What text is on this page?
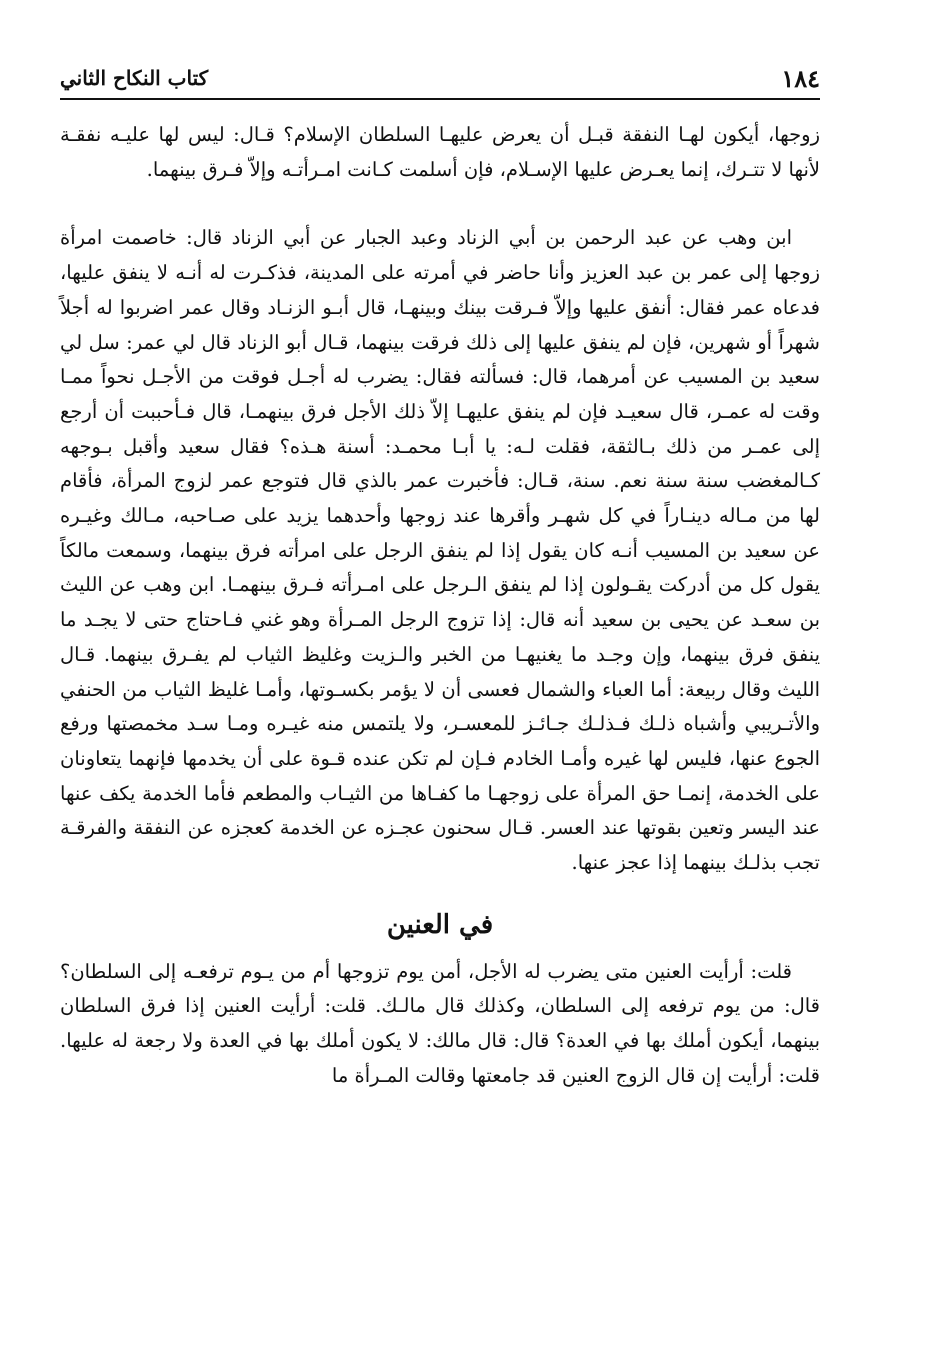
١٨٤
كتاب النكاح الثاني

زوجها، أيكون لهـا النفقة قبـل أن يعرض عليهـا السلطان الإسلام؟ قـال: ليس لها عليـه نفقـة لأنها لا تتـرك، إنما يعـرض عليها الإسـلام، فإن أسلمت كـانت امـرأتـه وإلاّ فـرق بينهما.

ابن وهب عن عبد الرحمن بن أبي الزناد وعبد الجبار عن أبي الزناد قال: خاصمت امرأة زوجها إلى عمر بن عبد العزيز وأنا حاضر في أمرته على المدينة، فذكـرت له أنـه لا ينفق عليها، فدعاه عمر فقال: أنفق عليها وإلاّ فـرقت بينك وبينهـا، قال أبـو الزنـاد وقال عمر اضربوا له أجلاً شهراً أو شهرين، فإن لم ينفق عليها إلى ذلك فرقت بينهما، قـال أبو الزناد قال لي عمر: سل لي سعيد بن المسيب عن أمرهما، قال: فسألته فقال: يضرب له أجـل فوقت من الأجـل نحواً ممـا وقت له عمـر، قال سعيـد فإن لم ينفق عليهـا إلاّ ذلك الأجل فرق بينهمـا، قال فـأحببت أن أرجع إلى عمـر من ذلك بـالثقة، فقلت لـه: يا أبـا محمـد: أسنة هـذه؟ فقال سعيد وأقبل بـوجهه كـالمغضب سنة سنة نعم. سنة، قـال: فأخبرت عمر بالذي قال فتوجع عمر لزوج المرأة، فأقام لها من مـاله دينـاراً في كل شهـر وأقرها عند زوجها وأحدهما يزيد على صـاحبه، مـالك وغيـره عن سعيد بن المسيب أنـه كان يقول إذا لم ينفق الرجل على امرأته فرق بينهما، وسمعت مالكاً يقول كل من أدركت يقـولون إذا لم ينفق الـرجل على امـرأته فـرق بينهمـا. ابن وهب عن الليث بن سعـد عن يحيى بن سعيد أنه قال: إذا تزوج الرجل المـرأة وهو غني فـاحتاج حتى لا يجـد ما ينفق فرق بينهما، وإن وجـد ما يغنيهـا من الخبر والـزيت وغليظ الثياب لم يفـرق بينهما. قـال الليث وقال ربيعة: أما العباء والشمال فعسى أن لا يؤمر بكسـوتها، وأمـا غليظ الثياب من الحنفي والأتـريبي وأشباه ذلـك فـذلـك جـائـز للمعسـر، ولا يلتمس منه غيـره ومـا سـد مخمصتها ورفع الجوع عنها، فليس لها غيره وأمـا الخادم فـإن لم تكن عنده قـوة على أن يخدمها فإنهما يتعاونان على الخدمة، إنمـا حق المرأة على زوجهـا ما كفـاها من الثيـاب والمطعم فأما الخدمة يكف عنها عند اليسر وتعين بقوتها عند العسر. قـال سحنون عجـزه عن الخدمة كعجزه عن النفقة والفرقـة تجب بذلـك بينهما إذا عجز عنها.

في العنين

قلت: أرأيت العنين متى يضرب له الأجل، أمن يوم تزوجها أم من يـوم ترفعـه إلى السلطان؟ قال: من يوم ترفعه إلى السلطان، وكذلك قال مالـك. قلت: أرأيت العنين إذا فرق السلطان بينهما، أيكون أملك بها في العدة؟ قال: قال مالك: لا يكون أملك بها في العدة ولا رجعة له عليها. قلت: أرأيت إن قال الزوج العنين قد جامعتها وقالت المـرأة ما
